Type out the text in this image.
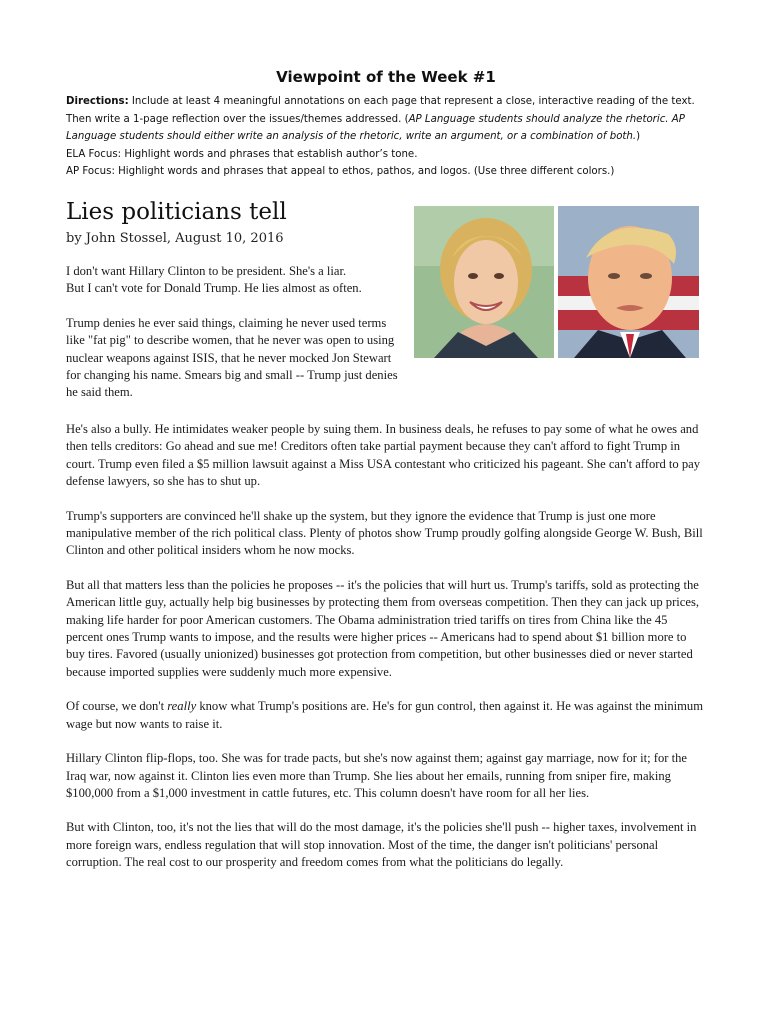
Viewpoint of the Week #1

Directions: Include at least 4 meaningful annotations on each page that represent a close, interactive reading of the text. Then write a 1-page reflection over the issues/themes addressed. (AP Language students should analyze the rhetoric. AP Language students should either write an analysis of the rhetoric, write an argument, or a combination of both.)

ELA Focus: Highlight words and phrases that establish author’s tone.

AP Focus: Highlight words and phrases that appeal to ethos, pathos, and logos. (Use three different colors.)

Lies politicians tell

by John Stossel, August 10, 2016

I don't want Hillary Clinton to be president. She's a liar.
But I can't vote for Donald Trump. He lies almost as often.

Trump denies he ever said things, claiming he never used terms like "fat pig" to describe women, that he never was open to using nuclear weapons against ISIS, that he never mocked Jon Stewart for changing his name. Smears big and small -- Trump just denies he said them.

He's also a bully. He intimidates weaker people by suing them. In business deals, he refuses to pay some of what he owes and then tells creditors: Go ahead and sue me! Creditors often take partial payment because they can't afford to fight Trump in court. Trump even filed a $5 million lawsuit against a Miss USA contestant who criticized his pageant. She can't afford to pay defense lawyers, so she has to shut up.

Trump's supporters are convinced he'll shake up the system, but they ignore the evidence that Trump is just one more manipulative member of the rich political class. Plenty of photos show Trump proudly golfing alongside George W. Bush, Bill Clinton and other political insiders whom he now mocks.

But all that matters less than the policies he proposes -- it's the policies that will hurt us. Trump's tariffs, sold as protecting the American little guy, actually help big businesses by protecting them from overseas competition. Then they can jack up prices, making life harder for poor American customers. The Obama administration tried tariffs on tires from China like the 45 percent ones Trump wants to impose, and the results were higher prices -- Americans had to spend about $1 billion more to buy tires. Favored (usually unionized) businesses got protection from competition, but other businesses died or never started because imported supplies were suddenly much more expensive.

Of course, we don't really know what Trump's positions are. He's for gun control, then against it. He was against the minimum wage but now wants to raise it.

Hillary Clinton flip-flops, too. She was for trade pacts, but she's now against them; against gay marriage, now for it; for the Iraq war, now against it. Clinton lies even more than Trump. She lies about her emails, running from sniper fire, making $100,000 from a $1,000 investment in cattle futures, etc. This column doesn't have room for all her lies.

But with Clinton, too, it's not the lies that will do the most damage, it's the policies she'll push -- higher taxes, involvement in more foreign wars, endless regulation that will stop innovation. Most of the time, the danger isn't politicians' personal corruption. The real cost to our prosperity and freedom comes from what the politicians do legally.
